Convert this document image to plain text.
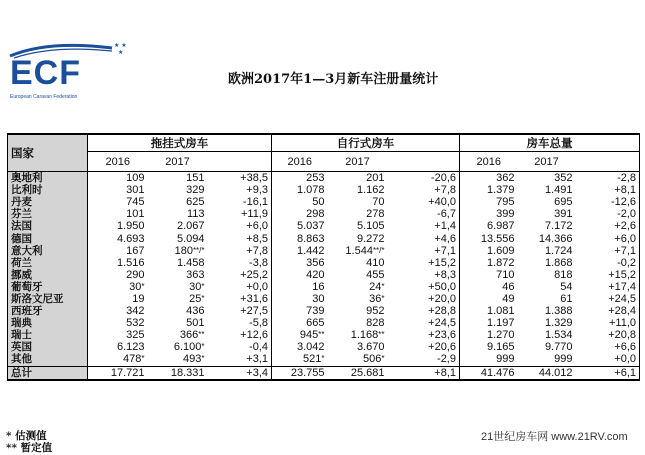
★ ★
★
ECF
European Caravan Federation
欧洲2017年1—3月新车注册量统计
国家	拖挂式房车			自行式房车			房车总量		
	2016	2017		2016	2017		2016	2017	
奥地利	109	151	+38,5	253	201	-20,6	362	352	-2,8
比利时	301	329	+9,3	1.078	1.162	+7,8	1.379	1.491	+8,1
丹麦	745	625	-16,1	50	70	+40,0	795	695	-12,6
芬兰	101	113	+11,9	298	278	-6,7	399	391	-2,0
法国	1.950	2.067	+6,0	5.037	5.105	+1,4	6.987	7.172	+2,6
德国	4.693	5.094	+8,5	8.863	9.272	+4,6	13.556	14.366	+6,0
意大利	167	180**/*	+7,8	1.442	1.544**/*	+7,1	1.609	1.724	+7,1
荷兰	1.516	1.458	-3,8	356	410	+15,2	1.872	1.868	-0,2
挪威	290	363	+25,2	420	455	+8,3	710	818	+15,2
葡萄牙	30*	30*	+0,0	16	24*	+50,0	46	54	+17,4
斯洛文尼亚	19	25*	+31,6	30	36*	+20,0	49	61	+24,5
西班牙	342	436	+27,5	739	952	+28,8	1.081	1.388	+28,4
瑞典	532	501	-5,8	665	828	+24,5	1.197	1.329	+11,0
瑞士	325	366**	+12,6	945**	1.168**	+23,6	1.270	1.534	+20,8
英国	6.123	6.100*	-0,4	3.042	3.670	+20,6	9.165	9.770	+6,6
其他	478*	493*	+3,1	521*	506*	-2,9	999	999	+0,0
总计	17.721	18.331	+3,4	23.755	25.681	+8,1	41.476	44.012	+6,1
* 估测值
** 暂定值
21世纪房车网 www.21RV.com
